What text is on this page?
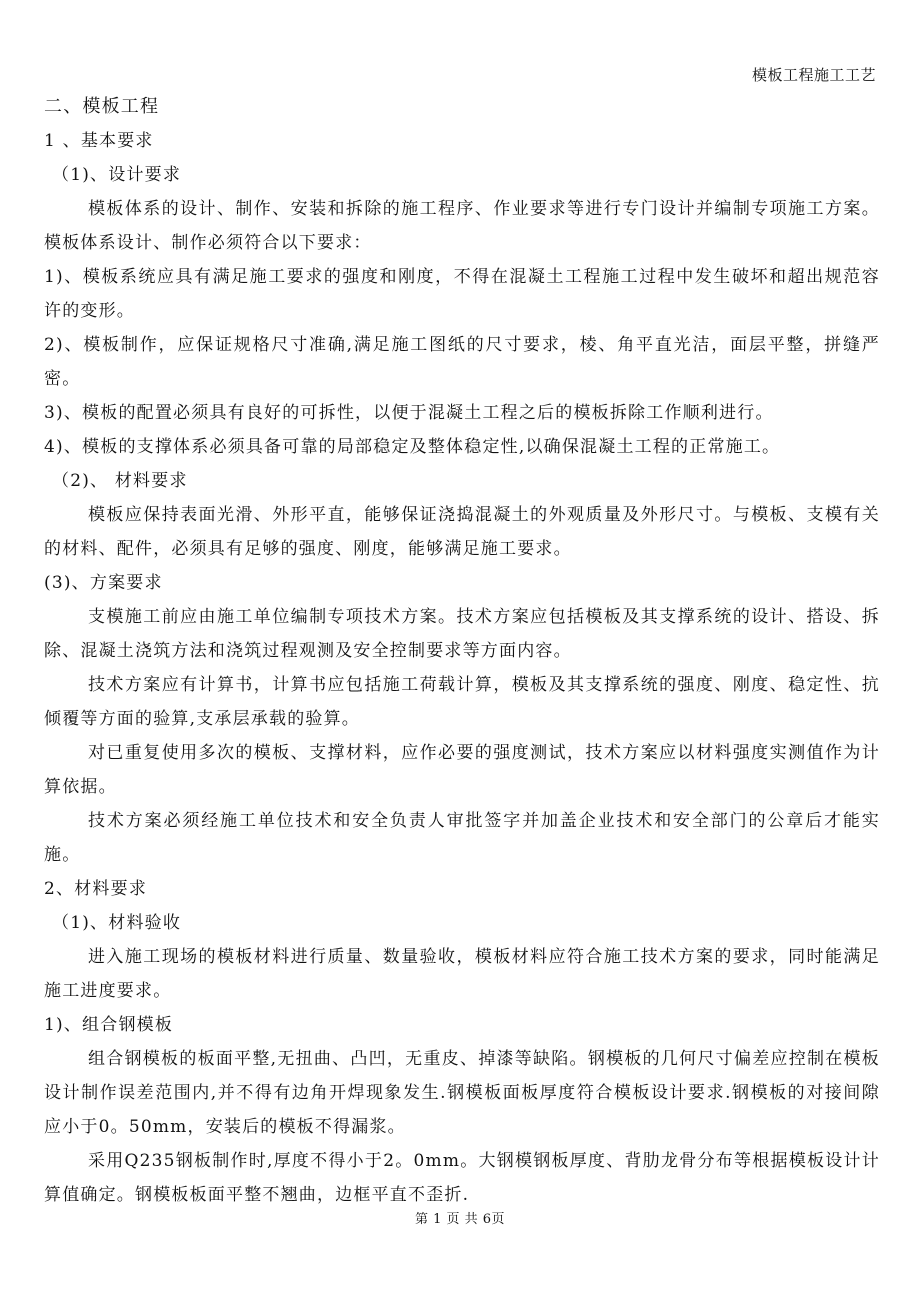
模板工程施工工艺

二、模板工程

1 、基本要求

（1)、设计要求

模板体系的设计、制作、安装和拆除的施工程序、作业要求等进行专门设计并编制专项施工方案。模板体系设计、制作必须符合以下要求：

1)、模板系统应具有满足施工要求的强度和刚度，不得在混凝土工程施工过程中发生破坏和超出规范容许的变形。

2)、模板制作，应保证规格尺寸准确,满足施工图纸的尺寸要求，棱、角平直光洁，面层平整，拼缝严密。

3)、模板的配置必须具有良好的可拆性，以便于混凝土工程之后的模板拆除工作顺利进行。

4)、模板的支撑体系必须具备可靠的局部稳定及整体稳定性,以确保混凝土工程的正常施工。

（2)、 材料要求

模板应保持表面光滑、外形平直，能够保证浇捣混凝土的外观质量及外形尺寸。与模板、支模有关的材料、配件，必须具有足够的强度、刚度，能够满足施工要求。

(3)、方案要求

支模施工前应由施工单位编制专项技术方案。技术方案应包括模板及其支撑系统的设计、搭设、拆除、混凝土浇筑方法和浇筑过程观测及安全控制要求等方面内容。

技术方案应有计算书，计算书应包括施工荷载计算，模板及其支撑系统的强度、刚度、稳定性、抗倾覆等方面的验算,支承层承载的验算。

对已重复使用多次的模板、支撑材料，应作必要的强度测试，技术方案应以材料强度实测值作为计算依据。

技术方案必须经施工单位技术和安全负责人审批签字并加盖企业技术和安全部门的公章后才能实施。

2、材料要求

（1)、材料验收

进入施工现场的模板材料进行质量、数量验收，模板材料应符合施工技术方案的要求，同时能满足施工进度要求。

1)、组合钢模板

组合钢模板的板面平整,无扭曲、凸凹，无重皮、掉漆等缺陷。钢模板的几何尺寸偏差应控制在模板设计制作误差范围内,并不得有边角开焊现象发生.钢模板面板厚度符合模板设计要求.钢模板的对接间隙应小于0。50mm，安装后的模板不得漏浆。

采用Q235钢板制作时,厚度不得小于2。0mm。大钢模钢板厚度、背肋龙骨分布等根据模板设计计算值确定。钢模板板面平整不翘曲，边框平直不歪折.

第 1 页 共 6页
